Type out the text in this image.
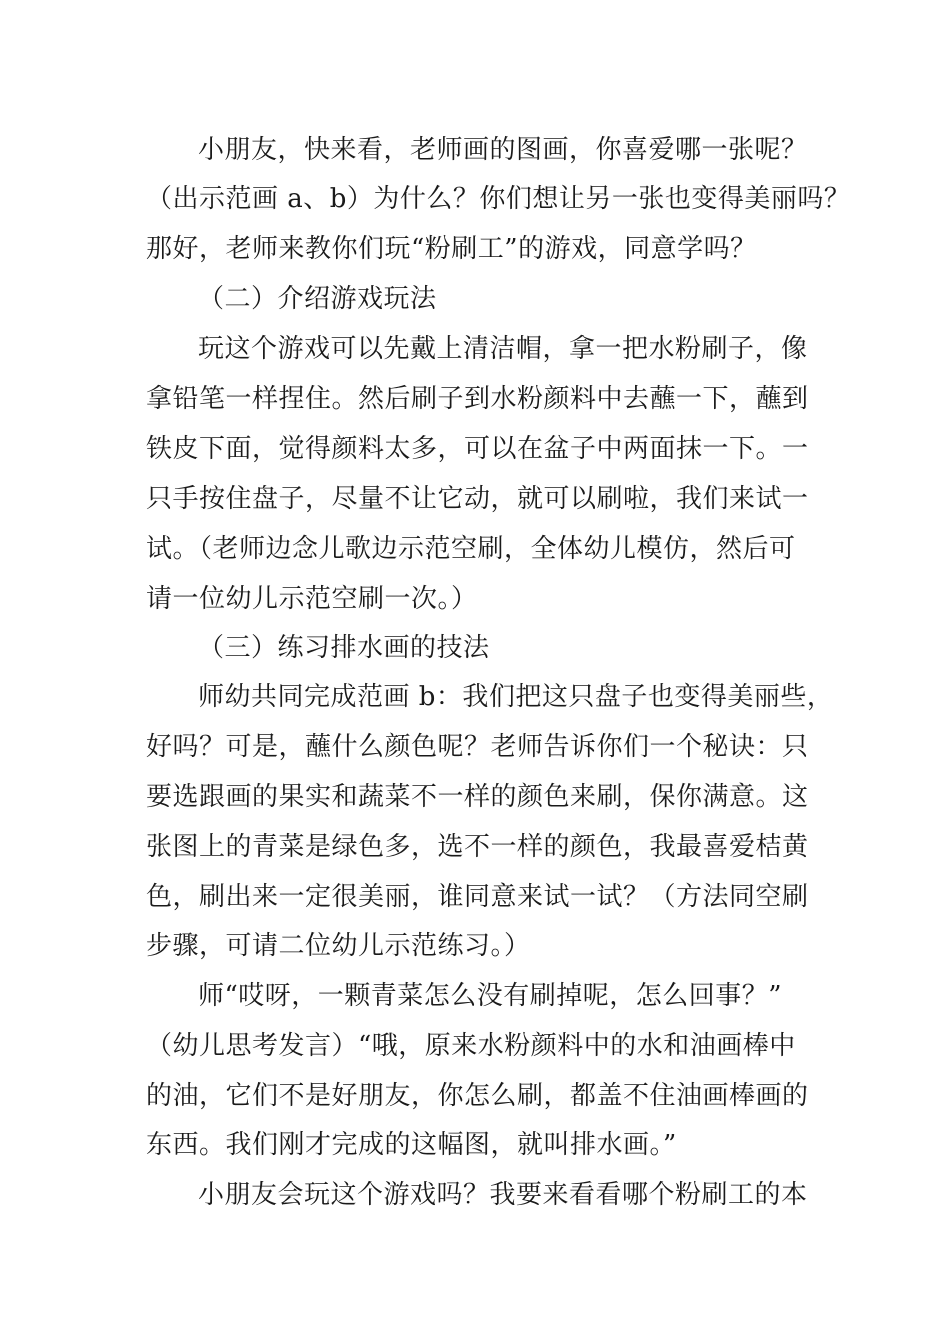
小朋友，快来看，老师画的图画，你喜爱哪一张呢？
（出示范画 a、b）为什么？你们想让另一张也变得美丽吗？
那好，老师来教你们玩“粉刷工”的游戏，同意学吗？
（二）介绍游戏玩法
玩这个游戏可以先戴上清洁帽，拿一把水粉刷子，像
拿铅笔一样捏住。然后刷子到水粉颜料中去蘸一下，蘸到
铁皮下面，觉得颜料太多，可以在盆子中两面抹一下。一
只手按住盘子，尽量不让它动，就可以刷啦，我们来试一
试。（老师边念儿歌边示范空刷，全体幼儿模仿，然后可
请一位幼儿示范空刷一次。）
（三）练习排水画的技法
师幼共同完成范画 b：我们把这只盘子也变得美丽些，
好吗？可是，蘸什么颜色呢？老师告诉你们一个秘诀：只
要选跟画的果实和蔬菜不一样的颜色来刷，保你满意。这
张图上的青菜是绿色多，选不一样的颜色，我最喜爱桔黄
色，刷出来一定很美丽，谁同意来试一试？（方法同空刷
步骤，可请二位幼儿示范练习。）
师“哎呀，一颗青菜怎么没有刷掉呢，怎么回事？”
（幼儿思考发言）“哦，原来水粉颜料中的水和油画棒中
的油，它们不是好朋友，你怎么刷，都盖不住油画棒画的
东西。我们刚才完成的这幅图，就叫排水画。”
小朋友会玩这个游戏吗？我要来看看哪个粉刷工的本
